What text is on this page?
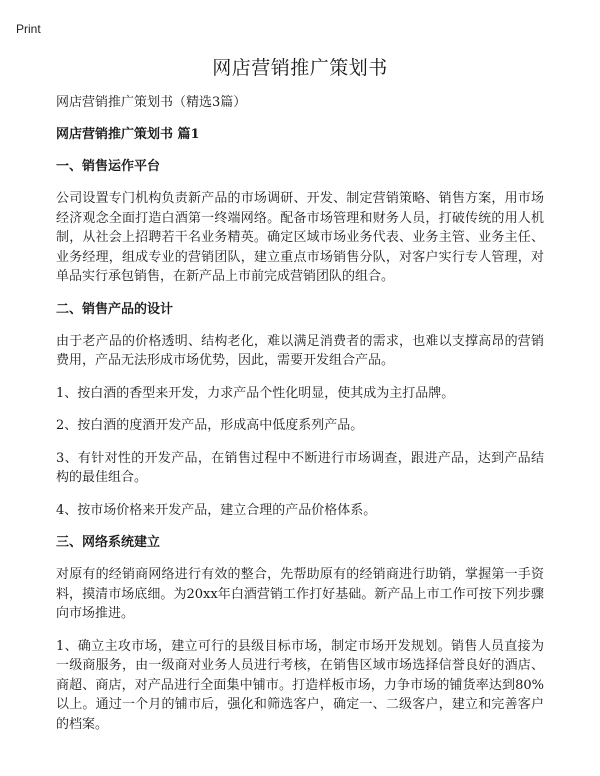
Print
网店营销推广策划书

网店营销推广策划书（精选3篇）

网店营销推广策划书 篇1

一、销售运作平台

公司设置专门机构负责新产品的市场调研、开发、制定营销策略、销售方案，用市场经济观念全面打造白酒第一终端网络。配备市场管理和财务人员，打破传统的用人机制，从社会上招聘若干名业务精英。确定区域市场业务代表、业务主管、业务主任、业务经理，组成专业的营销团队，建立重点市场销售分队，对客户实行专人管理，对单品实行承包销售，在新产品上市前完成营销团队的组合。

二、销售产品的设计

由于老产品的价格透明、结构老化，难以满足消费者的需求，也难以支撑高昂的营销费用，产品无法形成市场优势，因此，需要开发组合产品。

1、按白酒的香型来开发，力求产品个性化明显，使其成为主打品牌。

2、按白酒的度酒开发产品，形成高中低度系列产品。

3、有针对性的开发产品，在销售过程中不断进行市场调查，跟进产品，达到产品结构的最佳组合。

4、按市场价格来开发产品，建立合理的产品价格体系。

三、网络系统建立

对原有的经销商网络进行有效的整合，先帮助原有的经销商进行助销，掌握第一手资料，摸清市场底细。为20xx年白酒营销工作打好基础。新产品上市工作可按下列步骤向市场推进。

1、确立主攻市场，建立可行的县级目标市场，制定市场开发规划。销售人员直接为一级商服务，由一级商对业务人员进行考核，在销售区域市场选择信誉良好的酒店、商超、商店，对产品进行全面集中铺市。打造样板市场，力争市场的铺货率达到80%以上。通过一个月的铺市后，强化和筛选客户，确定一、二级客户，建立和完善客户的档案。
